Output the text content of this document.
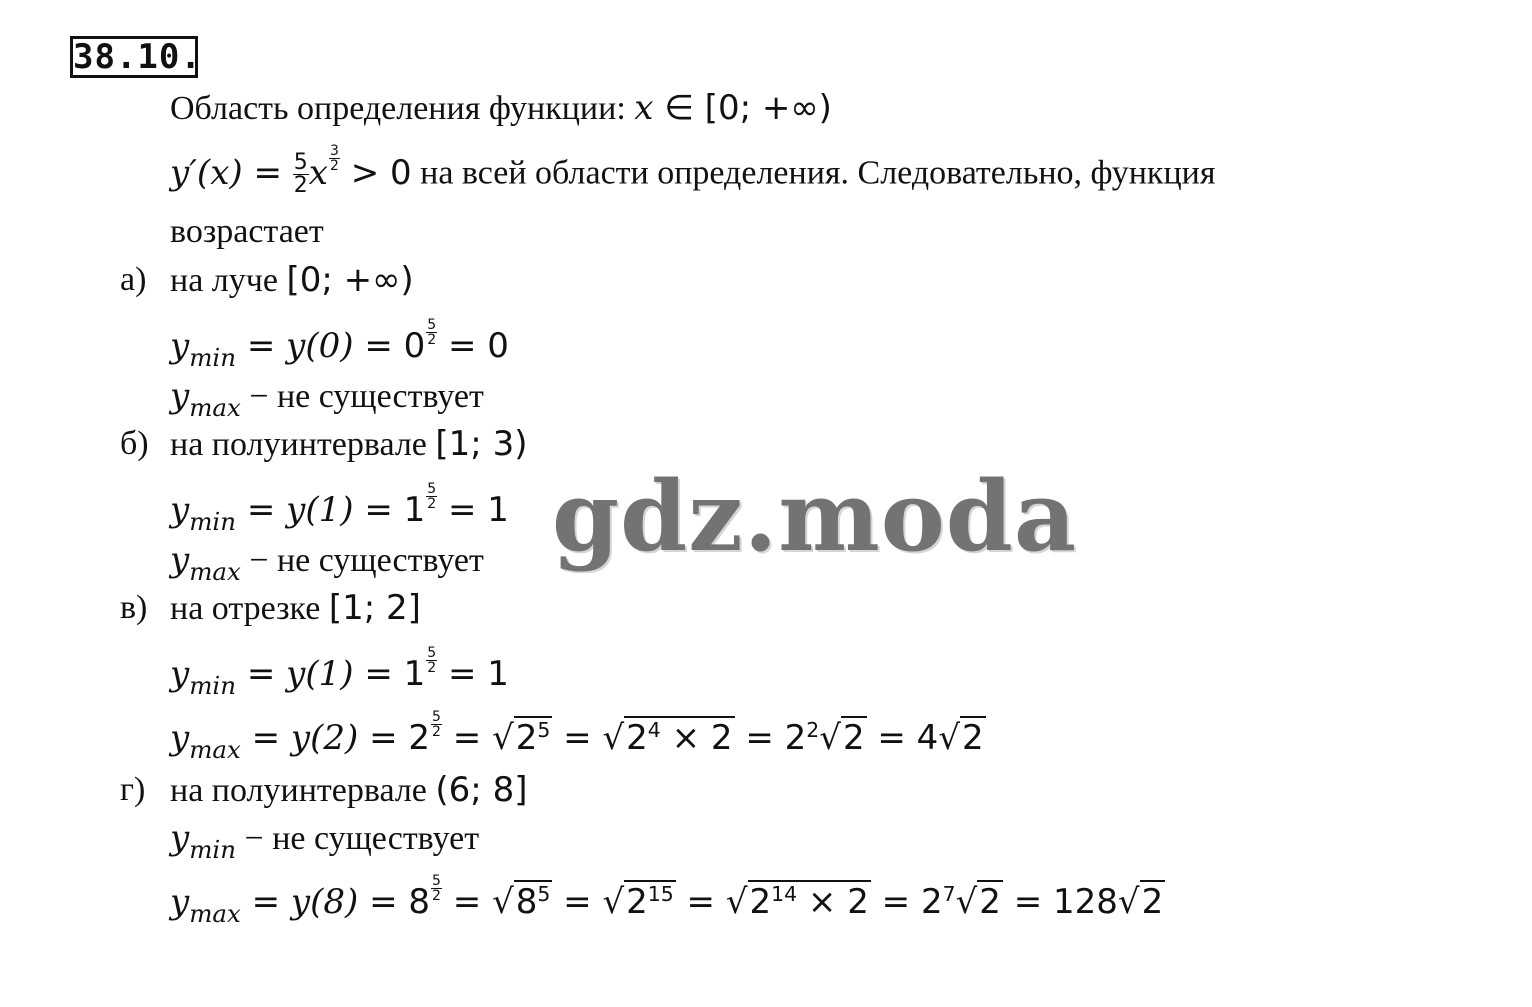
38.10.
Область определения функции: x ∈ [0; +∞)
$y'(x) = \frac{5}{2}$ x $\frac{3}{2} > 0$ на всей области определения. Следовательно, функция
возрастает
а) на луче [0; +∞)
$y_{min} = y(0) = 0 \frac{5}{2} = 0$
$y_{max}$ − не существует
б) на полуинтервале [1; 3)
$y_{min} = y(1) = 1 \frac{5}{2} = 1$
$y_{max}$ − не существует
в) на отрезке [1; 2]
$y_{min} = y(1) = 1 \frac{5}{2} = 1$
$y_{max} = y(2) = 2 \frac{5}{2} = √2^5 = √2^4 \times 2 = 2^2√2 = 4√2$
г) на полуинтервале (6; 8]
$y_{min}$ − не существует
$y_{max} = y(8) = 8 \frac{5}{2} = √8^5 = √2^{15} = √2^{14} \times 2 = 2^7√2 = 128√2$
gdz.moda
